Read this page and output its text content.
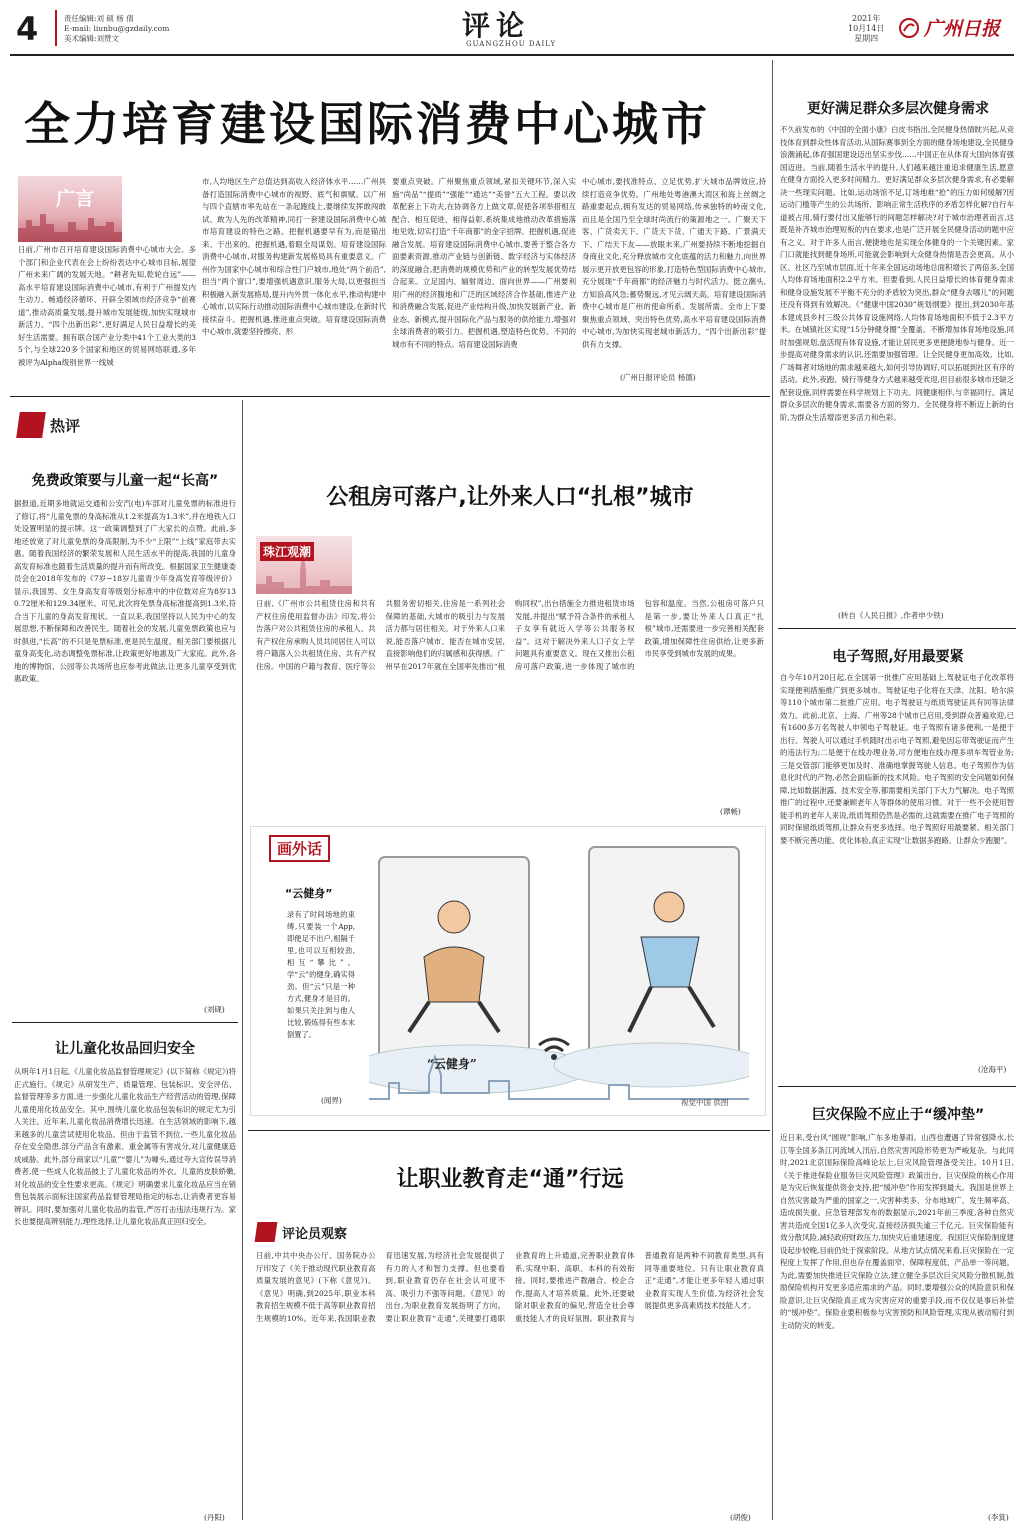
4	责任编辑:刘 硕 杨 倩
E-mail: liunbu@gzdaily.com
美术编辑:刘赞文	评论
GUANGZHOU DAILY
2021年
10月14日
星期四	广州日报
全力培育建设国际消费中心城市
广言
日前,广州市召开培育建设国际消费中心城市大会。多个部门和企业代表在会上纷纷表达中心城市目标,展望广州未来广阔的发展天地。“耕者先知,乾轮自远”——高水平培育建设国际消费中心城市,有利于广州提发内生动力、畅通经济循环、开辟全领域市经济竞争“前赛道”,推动高质量发展,提升城市发展能级,加快实现城市新活力、“四个出新出彩”,更好满足人民日益增长的美好生活需要。拥有联合国产业分类中41个工业大类的35个,与全球220多个国家和地区的贸易网络联通,多年被评为Alpha级别世界一线城
市,人均地区生产总值达到高收入经济体水平……广州具备打造国际消费中心城市的视野、底气和禀赋。以广州与四个直辖市率先站在一条起跑线上,要继续发挥敢闯敢试、敢为人先的改革精神,同打一套建设国际消费中心城市培育建设的特色之路。把握机遇要早有为,而是锚出来、干出来的。把握机遇,着眼全局谋划。培育建设国际消费中心城市,对服务构建新发展格局具有重要意义。广州作为国家中心城市和综合性门户城市,地处“两个前沿”,担当“两个窗口”,要增强机遇意识,服务大局,以更强担当积极融入新发展格局,提升内外贯一体化水平,推动构建中心城市,以实际行动推动国际消费中心城市建设,在新时代接续奋斗。把握机遇,推进重点突破。培育建设国际消费中心城市,就要坚持擦亮、形
要重点突破。广州聚焦重点领域,紧扣关键环节,深入实施“尚品”“提质”“强能”“通达”“美誉”五大工程。要以改革配套上下功夫,在协调各方上做文章,促使各项举措相互配合、相互促进、相得益彰,系统集成地推动改革措施落地见效,切实打造“千年商都”的金字招牌。把握机遇,促进融合发展。培育建设国际消费中心城市,要善于整合各方面要素资源,推动产业链与创新链、数字经济与实体经济的深度融合,把消费的规模优势和产业的转型发展优势结合起来。立足国内、辐射周边、面向世界——广州要利用广州的经济腹地和广泛的区域经济合作基础,推进产业和消费融合发展,促进产业结构升级,加快发展新产业、新业态、新模式,提升国际化产品与服务的供给能力,增强对全球消费者的吸引力。把握机遇,塑造特色优势。不同的城市有不同的特点。培育建设国际消费
中心城市,要找准特点、立足优势,扩大城市品牌效应,持续打造竞争优势。广州地处粤港澳大湾区和海上丝绸之路重要起点,拥有发达的贸易网络,传承独特的岭南文化,而且是全国乃至全球时尚流行的策源地之一。广聚天下客、广货卖天下、广货天下货、广通天下路、广景满天下、广结天下友——放眼未来,广州要持续不断地挖掘自身商业文化,充分释放城市文化底蕴的活力和魅力,向世界展示更开放更包容的形象,打造特色型国际消费中心城市,充分展现“千年商都”的经济魅力与时代活力。挺立潮头,方知浪高风急;蓄势聚远,才见云阔天高。培育建设国际消费中心城市是广州的使命所系、发展所需。全市上下要聚焦重点领域、突出特色优势,高水平培育建设国际消费中心城市,为加快实现老城市新活力、“四个出新出彩”提供有力支撑。
(广州日报评论员 杨德)
更好满足群众多层次健身需求
不久前发布的《中国的全面小康》白皮书指出,全民健身热情眈兴起,从竞技体育到群众性体育活动,从国际赛事到全方面的健身场地建设,全民健身浪潮涌起,体育强国建设迈出坚实步伐……中国正在从体育大国向体育强国迈进。当前,随着生活水平的提升,人们越来越注重追求健康生活,愿意在健身方面投入更多时间精力。更好满足群众多层次健身需求,有必要解决一些现实问题。比如,运动场馆不足,订场地难“抢”的压力如何缓解?因运动门槛等产生的公共场所、影响正常生活秩序的矛盾怎样化解?自行车道被占用,骑行要付出又能够行的间题怎样解决?对于城市治理者而言,这既是补齐城市治理短板的内在要求,也是广泛开展全民健身活动的题中应有之义。对于许多人而言,便捷地也是实现全体健身的一个关键因素。家门口就能找到健身场所,可能就会影响到大众健身热情是否会更高。从小区、社区乃至城市层面,近十年来全国运动场地总面积增长了两倍多,全国人均体育场地面积2.2平方米。但要看到,人民日益增长的体育健身需求和健身设施发展不平衡不充分的矛盾较为突出,群众“健身去哪儿”的问题还没有得到有效解决。《“健康中国2030”规划纲要》提出,到2030年基本建成县乡村三级公共体育设施网络,人均体育场地面积不低于2.3平方米。在城镇社区实现“15分钟健身圈”全覆盖。不断增加体育场地设施,同时加强规划,盘活现有体育设施,才能让居民更多更便捷地参与健身。近一步提高对健身需求的认识,还需要加强管理。让全民健身更加高效。比如,广场舞者对场地的需求越来越大,如何引导协调好,可以拓展到社区有序的活动。此外,夜跑、骑行等健身方式越来越受欢迎,但目前很多城市还缺乏配套设施,同样需要在科学规划上下功夫。同健康相伴,与幸福同行。满足群众多层次的健身需求,需要各方面的努力。全民健身将不断迈上新的台阶,为群众生活增添更多活力和色彩。
(转自《人民日报》,作者申少铁)
电子驾照,好用最要紧
自今年10月20日起,在全国第一批推广应用基础上,驾驶证电子化改革将实现便利措施推广到更多城市。驾驶证电子化将在天津、沈阳、哈尔滨等110个城市第二批推广应用。电子驾驶证与纸质驾驶证具有同等法律效力。此前,北京、上海、广州等28个城市已启用,受到群众普遍欢迎,已有1600多万名驾驶人申领电子驾驶证。电子驾照有诸多便利,一是便于出行。驾驶人可以通过手机随时出示电子驾照,避免因忘带驾驶证而产生的违法行为;二是便于在线办理业务,可方便地在线办理多项车驾管业务;三是交管部门能够更加及时、准确地掌握驾驶人信息。电子驾照作为信息化时代的产物,必然会面临新的技术风险。电子驾照的安全问题如何保障,比如数据泄露、技术安全等,都需要相关部门下大力气解决。电子驾照推广的过程中,还要兼顾老年人等群体的使用习惯。对于一些不会使用智能手机的老年人来说,纸质驾照仍然是必需的,这就需要在推广电子驾照的同时保留纸质驾照,让群众有更多选择。电子驾照好用最要紧。相关部门要不断完善功能、优化体验,真正实现“让数据多跑路、让群众少跑腿”。
(沧海平)
巨灾保险不应止于“缓冲垫”
近日来,受台风“圆规”影响,广东多地暴雨。山西也遭遇了异常强降水,长江等全国多条江河流域入汛后,自然灾害风险形势更为严峻复杂。与此同时,2021北京国际保险高峰论坛上,巨灾风险管理备受关注。10月1日,《关于推进保险业服务巨灾风险管理》政策出台。巨灾保险的核心作用是为灾后恢复提供资金支持,把“缓冲垫”作用发挥到最大。我国是世界上自然灾害最为严重的国家之一,灾害种类多、分布地域广、发生频率高、造成损失重。应急管理部发布的数据显示,2021年前三季度,各种自然灾害共造成全国1亿多人次受灾,直接经济损失逾三千亿元。巨灾保险能有效分散风险,减轻政府财政压力,加快灾后重建速度。我国巨灾保险制度建设起步较晚,目前仍处于探索阶段。从地方试点情况来看,巨灾保险在一定程度上发挥了作用,但也存在覆盖面窄、保障程度低、产品单一等问题。为此,需要加快推进巨灾保险立法,建立健全多层次巨灾风险分散机制,鼓励保险机构开发更多适应需求的产品。同时,要增强公众的风险意识和保险意识,让巨灾保险真正成为灾害应对的重要手段,而不仅仅是事后补偿的“缓冲垫”。保险业要积极参与灾害预防和风险管理,实现从被动赔付到主动防灾的转变。
(李箕)
热评
免费政策要与儿童一起“长高”
据报道,近期多地就运交通和公安汽(电)车部对儿童免票的标准进行了修订,将“儿童免票的身高标准从1.2米提高为1.3米”,并在地铁入口处设置明显的提示牌。这一政策调整到了广大家长的点赞。此前,多地还放宽了对儿童免票的身高限制,为不少“上限”“上线”家庭带去实惠。随着我国经济的繁荣发展和人民生活水平的提高,我国的儿童身高发育标准也随着生活质量的提升而有所改变。根据国家卫生健康委员会在2018年发布的《7岁~18岁儿童青少年身高发育等级评价》显示,我国男、女生身高发育等级划分标准中的中位数对应为8岁130.72厘米和129.34厘米。可见,此次将免票身高标准提高到1.3米,符合当下儿童的身高发育现状。一直以来,我国坚持以人民为中心的发展思想,不断保障和改善民生。随着社会的发展,儿童免票政策也应与时俱进,“长高”的不只是免票标准,更是民生温度。相关部门要根据儿童身高变化,动态调整免票标准,让政策更好地惠及广大家庭。此外,各地的博物馆、公园等公共场所也应参考此做法,让更多儿童享受到优惠政策。
(刘砚)
让儿童化妆品回归安全
从明年1月1日起,《儿童化妆品监督管理规定》(以下简称《规定》)将正式施行。《规定》从研发生产、质量管理、包装标识、安全评估、监督管理等多方面,进一步强化儿童化妆品生产经营活动的管理,保障儿童使用化妆品安全。其中,围绕儿童化妆品包装标识的规定尤为引人关注。近年来,儿童化妆品消费增长迅速。在生活领域的影响下,越来越多的儿童尝试使用化妆品。但由于监管不到位,一些儿童化妆品存在安全隐患,部分产品含有激素、重金属等有害成分,对儿童健康造成威胁。此外,部分商家以“儿童”“婴儿”为噱头,通过夸大宣传误导消费者,使一些成人化妆品披上了儿童化妆品的外衣。儿童的皮肤娇嫩,对化妆品的安全性要求更高。《规定》明确要求儿童化妆品应当在销售包装展示面标注国家药品监督管理局指定的标志,让消费者更容易辨识。同时,要加强对儿童化妆品的监管,严厉打击违法违规行为。家长也要提高辨别能力,理性选择,让儿童化妆品真正回归安全。
(丹阳)
公租房可落户,让外来人口“扎根”城市
珠江观潮
日前,《广州市公共租赁住房和共有产权住房使用监督办法》印发,将公告落户对公共租赁住房的承租人、共有产权住房承购人员共同居住人可以将户籍落入公共租赁住房、共有产权住房。中国的户籍与教育、医疗等公共服务密切相关,住房是一系列社会保障的基础,大城市的吸引力与发展活力都与居住相关。对于外来人口来说,能否落户城市、能否在城市安居,直接影响他们的归属感和获得感。广州早在2017年就在全国率先推出“租购同权”,出台措施全力推进租赁市场发展,并提出“赋予符合条件的承租人子女享有就近入学等公共服务权益”。这对于解决外来人口子女上学问题具有重要意义。现在又推出公租房可落户政策,进一步体现了城市的包容和温度。当然,公租房可落户只是第一步,要让外来人口真正“扎根”城市,还需要进一步完善相关配套政策,增加保障性住房供给,让更多新市民享受到城市发展的成果。
(谭畅)
画外话
“云健身”
录有了时间场地的束缚,只要装一个App,即便足不出户,相隔千里,也可以互相较劲,相互“攀比”。学“云”的健身,确实得劲。但“云”只是一种方式,健身才是目的。如果只关注到与他人比较,锻炼得有些本末倒置了。
(闻界)
“云健身”
视觉中国 供图
让职业教育走“通”行远
评论员观察
日前,中共中央办公厅、国务院办公厅印发了《关于推动现代职业教育高质量发展的意见》(下称《意见》)。《意见》明确,到2025年,职业本科教育招生规模不低于高等职业教育招生规模的10%。近年来,我国职业教育迅速发展,为经济社会发展提供了有力的人才和智力支撑。但也要看到,职业教育仍存在社会认可度不高、吸引力不强等问题。《意见》的出台,为职业教育发展指明了方向。要让职业教育“走通”,关键要打通职业教育的上升通道,完善职业教育体系,实现中职、高职、本科的有效衔接。同时,要推进产教融合、校企合作,提高人才培养质量。此外,还要破除对职业教育的偏见,营造全社会尊重技能人才的良好氛围。职业教育与普通教育是两种不同教育类型,具有同等重要地位。只有让职业教育真正“走通”,才能让更多年轻人通过职业教育实现人生价值,为经济社会发展提供更多高素质技术技能人才。
(胡俊)
